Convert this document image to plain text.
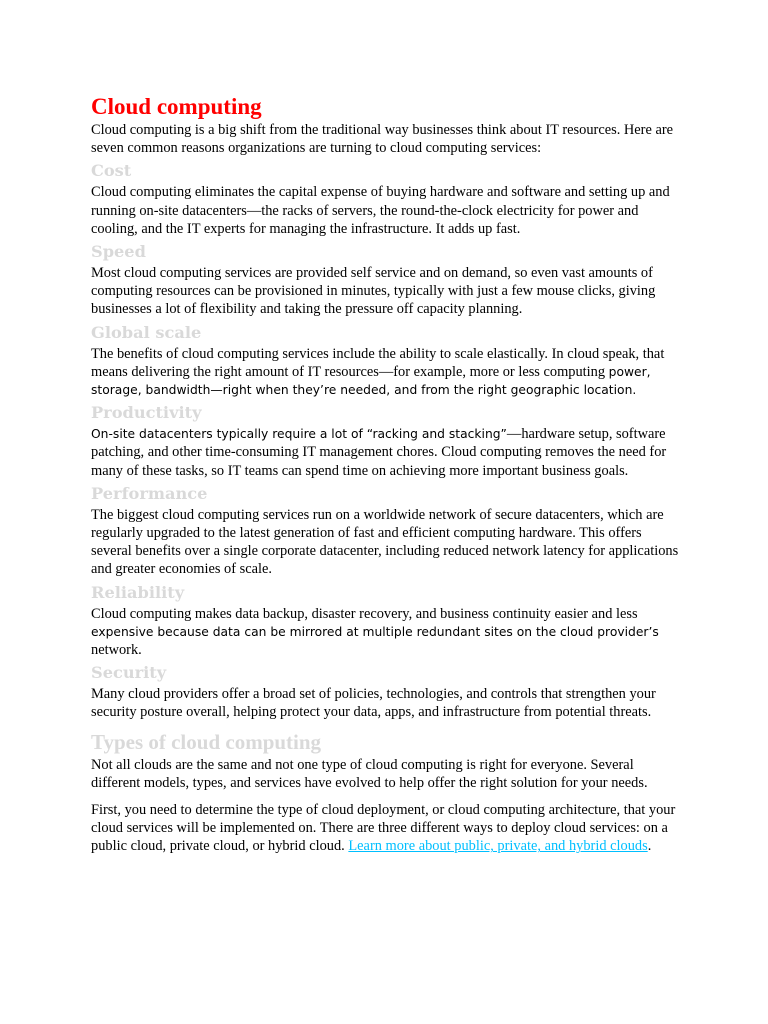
Cloud computing

Cloud computing is a big shift from the traditional way businesses think about IT resources. Here are seven common reasons organizations are turning to cloud computing services:

Cost

Cloud computing eliminates the capital expense of buying hardware and software and setting up and running on-site datacenters—the racks of servers, the round-the-clock electricity for power and cooling, and the IT experts for managing the infrastructure. It adds up fast.

Speed

Most cloud computing services are provided self service and on demand, so even vast amounts of computing resources can be provisioned in minutes, typically with just a few mouse clicks, giving businesses a lot of flexibility and taking the pressure off capacity planning.

Global scale

The benefits of cloud computing services include the ability to scale elastically. In cloud speak, that means delivering the right amount of IT resources—for example, more or less computing power, storage, bandwidth—right when they’re needed, and from the right geographic location.

Productivity

On-site datacenters typically require a lot of “racking and stacking”—hardware setup, software patching, and other time-consuming IT management chores. Cloud computing removes the need for many of these tasks, so IT teams can spend time on achieving more important business goals.

Performance

The biggest cloud computing services run on a worldwide network of secure datacenters, which are regularly upgraded to the latest generation of fast and efficient computing hardware. This offers several benefits over a single corporate datacenter, including reduced network latency for applications and greater economies of scale.

Reliability

Cloud computing makes data backup, disaster recovery, and business continuity easier and less expensive because data can be mirrored at multiple redundant sites on the cloud provider’s network.

Security

Many cloud providers offer a broad set of policies, technologies, and controls that strengthen your security posture overall, helping protect your data, apps, and infrastructure from potential threats.

Types of cloud computing

Not all clouds are the same and not one type of cloud computing is right for everyone. Several different models, types, and services have evolved to help offer the right solution for your needs.

First, you need to determine the type of cloud deployment, or cloud computing architecture, that your cloud services will be implemented on. There are three different ways to deploy cloud services: on a public cloud, private cloud, or hybrid cloud. Learn more about public, private, and hybrid clouds.
